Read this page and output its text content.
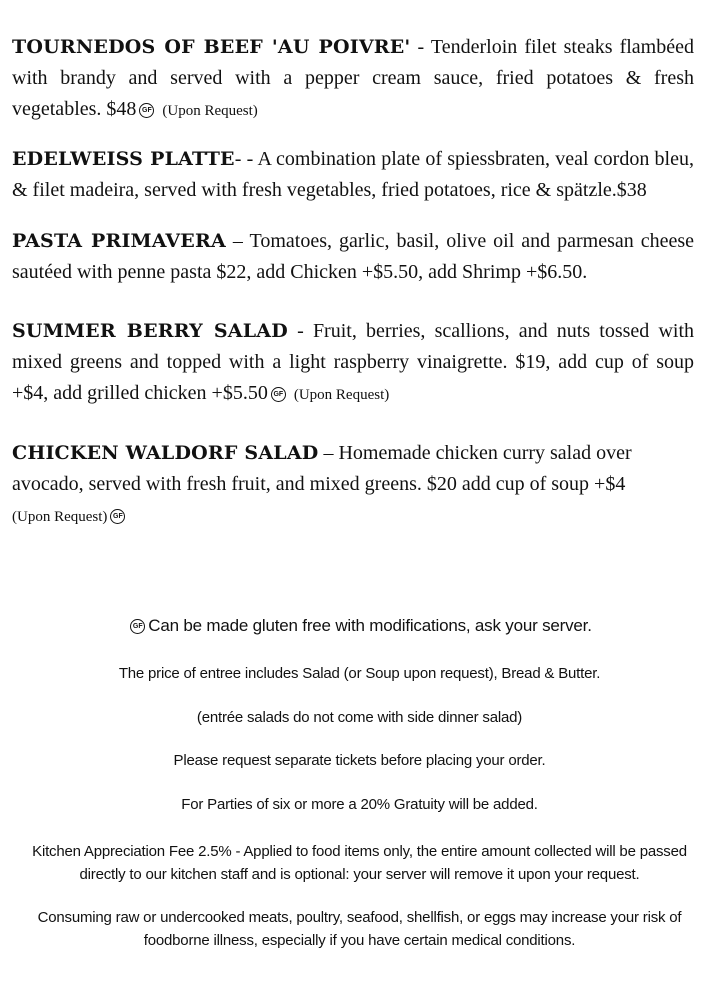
TOURNEDOS OF BEEF 'AU POIVRE' - Tenderloin filet steaks flambéed with brandy and served with a pepper cream sauce, fried potatoes & fresh vegetables. $48 GF (Upon Request)
EDELWEISS PLATTE- - A combination plate of spiessbraten, veal cordon bleu, & filet madeira, served with fresh vegetables, fried potatoes, rice & spätzle.$38
PASTA PRIMAVERA – Tomatoes, garlic, basil, olive oil and parmesan cheese sautéed with penne pasta $22, add Chicken +$5.50, add Shrimp +$6.50.
SUMMER BERRY SALAD - Fruit, berries, scallions, and nuts tossed with mixed greens and topped with a light raspberry vinaigrette. $19, add cup of soup +$4, add grilled chicken +$5.50 GF (Upon Request)
CHICKEN WALDORF SALAD – Homemade chicken curry salad over avocado, served with fresh fruit, and mixed greens. $20 add cup of soup +$4
(Upon Request) GF
GF Can be made gluten free with modifications, ask your server.
The price of entree includes Salad (or Soup upon request), Bread & Butter.
(entrée salads do not come with side dinner salad)
Please request separate tickets before placing your order.
For Parties of six or more a 20% Gratuity will be added.
Kitchen Appreciation Fee 2.5% - Applied to food items only, the entire amount collected will be passed directly to our kitchen staff and is optional: your server will remove it upon your request.
Consuming raw or undercooked meats, poultry, seafood, shellfish, or eggs may increase your risk of foodborne illness, especially if you have certain medical conditions.
